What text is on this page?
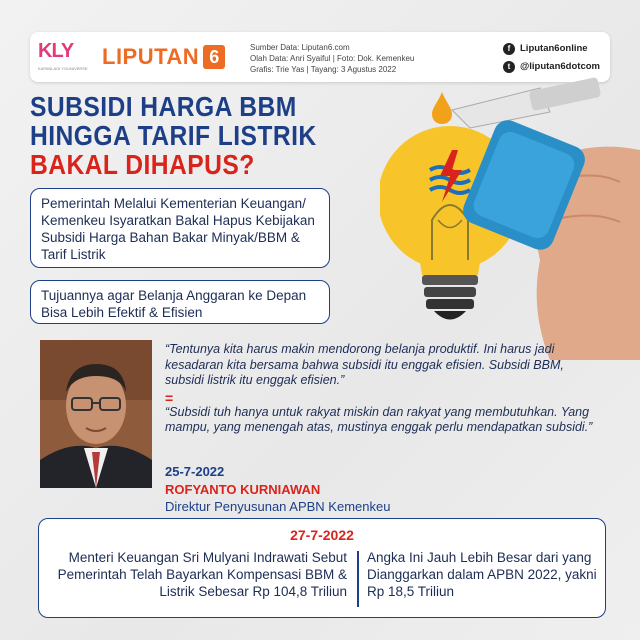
KLY
KAPANLAGI YOUNIVERSE LIPUTAN 6	Sumber Data: Liputan6.com
Olah Data: Anri Syaiful | Foto: Dok. Kemenkeu
Grafis: Trie Yas | Tayang: 3 Agustus 2022
f	Liputan6online
t	@liputan6dotcom
SUBSIDI HARGA BBM
HINGGA TARIF LISTRIK
BAKAL DIHAPUS?
Pemerintah Melalui Kementerian Keuangan/ Kemenkeu Isyaratkan Bakal Hapus Kebijakan Subsidi Harga Bahan Bakar Minyak/BBM & Tarif Listrik
Tujuannya agar Belanja Anggaran ke Depan Bisa Lebih Efektif & Efisien

“Tentunya kita harus makin mendorong belanja produktif. Ini harus jadi kesadaran kita bersama bahwa subsidi itu enggak efisien. Subsidi BBM, subsidi listrik itu enggak efisien.”

=

“Subsidi tuh hanya untuk rakyat miskin dan rakyat yang membutuhkan. Yang mampu, yang menengah atas, mustinya enggak perlu mendapatkan subsidi.”

25-7-2022
ROFYANTO KURNIAWAN
Direktur Penyusunan APBN Kemenkeu
27-7-2022
Menteri Keuangan Sri Mulyani Indrawati Sebut Pemerintah Telah Bayarkan Kompensasi BBM & Listrik Sebesar Rp 104,8 Triliun
Angka Ini Jauh Lebih Besar dari yang Dianggarkan dalam APBN 2022, yakni Rp 18,5 Triliun
